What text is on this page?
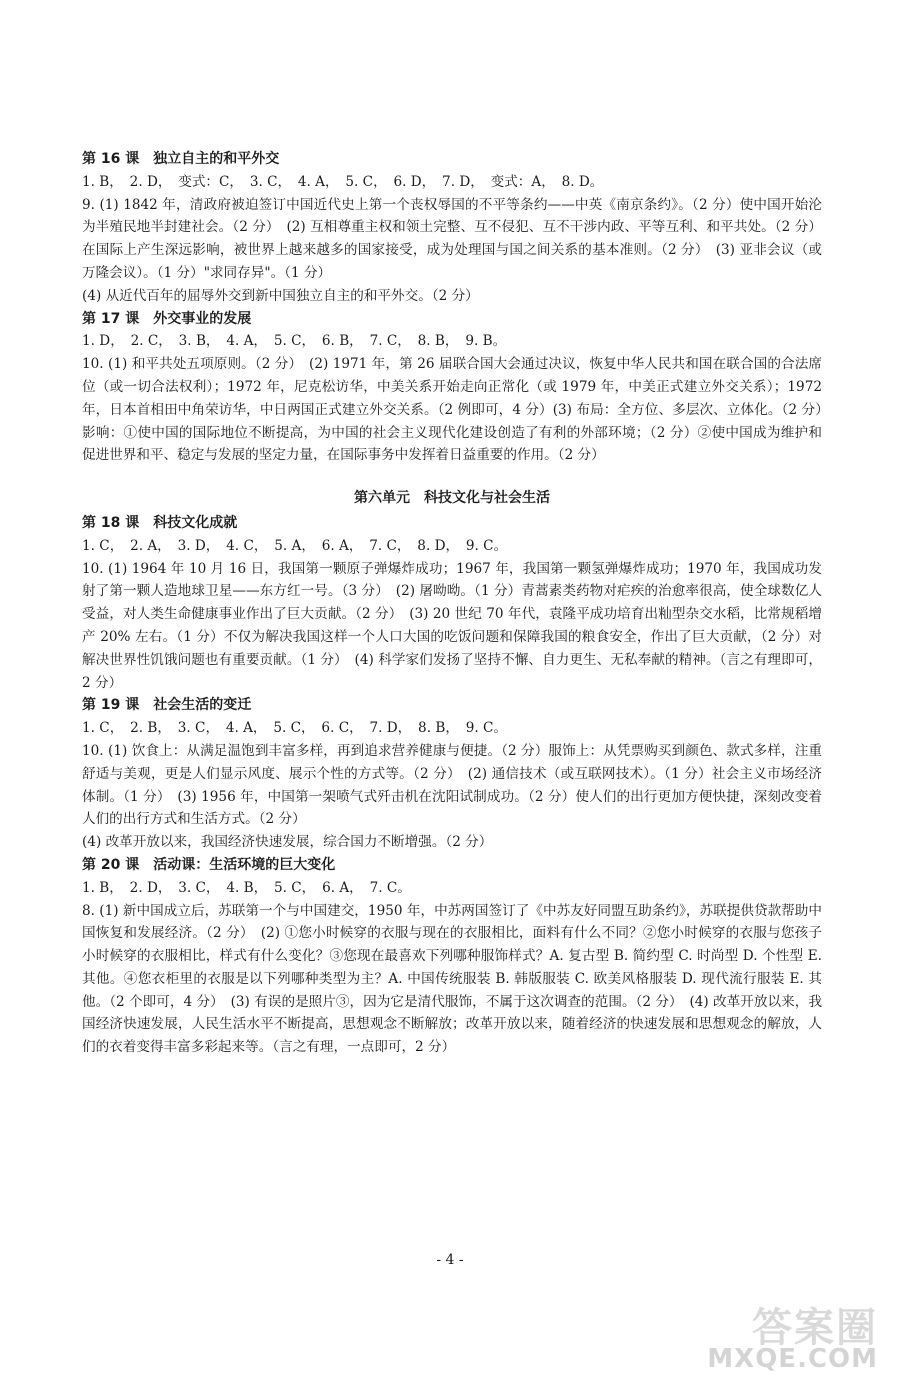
第 16 课　独立自主的和平外交
1. B，　2. D，　变式：C，　3. C，　4. A，　5. C，　6. D，　7. D，　变式：A，　8. D。
9. (1) 1842 年，清政府被迫签订中国近代史上第一个丧权辱国的不平等条约——中英《南京条约》。（2 分）使中国开始沦为半殖民地半封建社会。（2 分）　(2) 互相尊重主权和领土完整、互不侵犯、互不干涉内政、平等互利、和平共处。（2 分）在国际上产生深远影响，被世界上越来越多的国家接受，成为处理国与国之间关系的基本准则。（2 分）　(3) 亚非会议（或万隆会议）。（1 分）"求同存异"。（1 分）
(4) 从近代百年的屈辱外交到新中国独立自主的和平外交。（2 分）
第 17 课　外交事业的发展
1. D，　2. C，　3. B，　4. A，　5. C，　6. B，　7. C，　8. B，　9. B。
10. (1) 和平共处五项原则。（2 分）　(2) 1971 年，第 26 届联合国大会通过决议，恢复中华人民共和国在联合国的合法席位（或一切合法权利）；1972 年，尼克松访华，中美关系开始走向正常化（或 1979 年，中美正式建立外交关系）；1972 年，日本首相田中角荣访华，中日两国正式建立外交关系。（2 例即可，4 分）(3) 布局：全方位、多层次、立体化。（2 分）影响：①使中国的国际地位不断提高，为中国的社会主义现代化建设创造了有利的外部环境；（2 分）②使中国成为维护和促进世界和平、稳定与发展的坚定力量，在国际事务中发挥着日益重要的作用。（2 分）
第六单元　科技文化与社会生活
第 18 课　科技文化成就
1. C，　2. A，　3. D，　4. C，　5. A，　6. A，　7. C，　8. D，　9. C。
10. (1) 1964 年 10 月 16 日，我国第一颗原子弹爆炸成功；1967 年，我国第一颗氢弹爆炸成功；1970 年，我国成功发射了第一颗人造地球卫星——东方红一号。（3 分）　(2) 屠呦呦。（1 分）青蒿素类药物对疟疾的治愈率很高，使全球数亿人受益，对人类生命健康事业作出了巨大贡献。（2 分）　(3) 20 世纪 70 年代，袁隆平成功培育出籼型杂交水稻，比常规稻增产 20% 左右。（1 分）不仅为解决我国这样一个人口大国的吃饭问题和保障我国的粮食安全，作出了巨大贡献，（2 分）对解决世界性饥饿问题也有重要贡献。（1 分）　(4) 科学家们发扬了坚持不懈、自力更生、无私奉献的精神。（言之有理即可，2 分）
第 19 课　社会生活的变迁
1. C，　2. B，　3. C，　4. A，　5. C，　6. C，　7. D，　8. B，　9. C。
10. (1) 饮食上：从满足温饱到丰富多样，再到追求营养健康与便捷。（2 分）服饰上：从凭票购买到颜色、款式多样，注重舒适与美观，更是人们显示风度、展示个性的方式等。（2 分）　(2) 通信技术（或互联网技术）。（1 分）社会主义市场经济体制。（1 分）　(3) 1956 年，中国第一架喷气式歼击机在沈阳试制成功。（2 分）使人们的出行更加方便快捷，深刻改变着人们的出行方式和生活方式。（2 分）
(4) 改革开放以来，我国经济快速发展，综合国力不断增强。（2 分）
第 20 课　活动课：生活环境的巨大变化
1. B，　2. D，　3. C，　4. B，　5. C，　6. A，　7. C。
8. (1) 新中国成立后，苏联第一个与中国建交，1950 年，中苏两国签订了《中苏友好同盟互助条约》，苏联提供贷款帮助中国恢复和发展经济。（2 分）　(2) ①您小时候穿的衣服与现在的衣服相比，面料有什么不同？②您小时候穿的衣服与您孩子小时候穿的衣服相比，样式有什么变化？③您现在最喜欢下列哪种服饰样式？A. 复古型 B. 简约型 C. 时尚型 D. 个性型 E. 其他。④您衣柜里的衣服是以下列哪种类型为主？A. 中国传统服装 B. 韩版服装 C. 欧美风格服装 D. 现代流行服装 E. 其他。（2 个即可，4 分）　(3) 有误的是照片③，因为它是清代服饰，不属于这次调查的范围。（2 分）　(4) 改革开放以来，我国经济快速发展，人民生活水平不断提高，思想观念不断解放；改革开放以来，随着经济的快速发展和思想观念的解放，人们的衣着变得丰富多彩起来等。（言之有理，一点即可，2 分）
- 4 -
答案圈
MXQE.COM
